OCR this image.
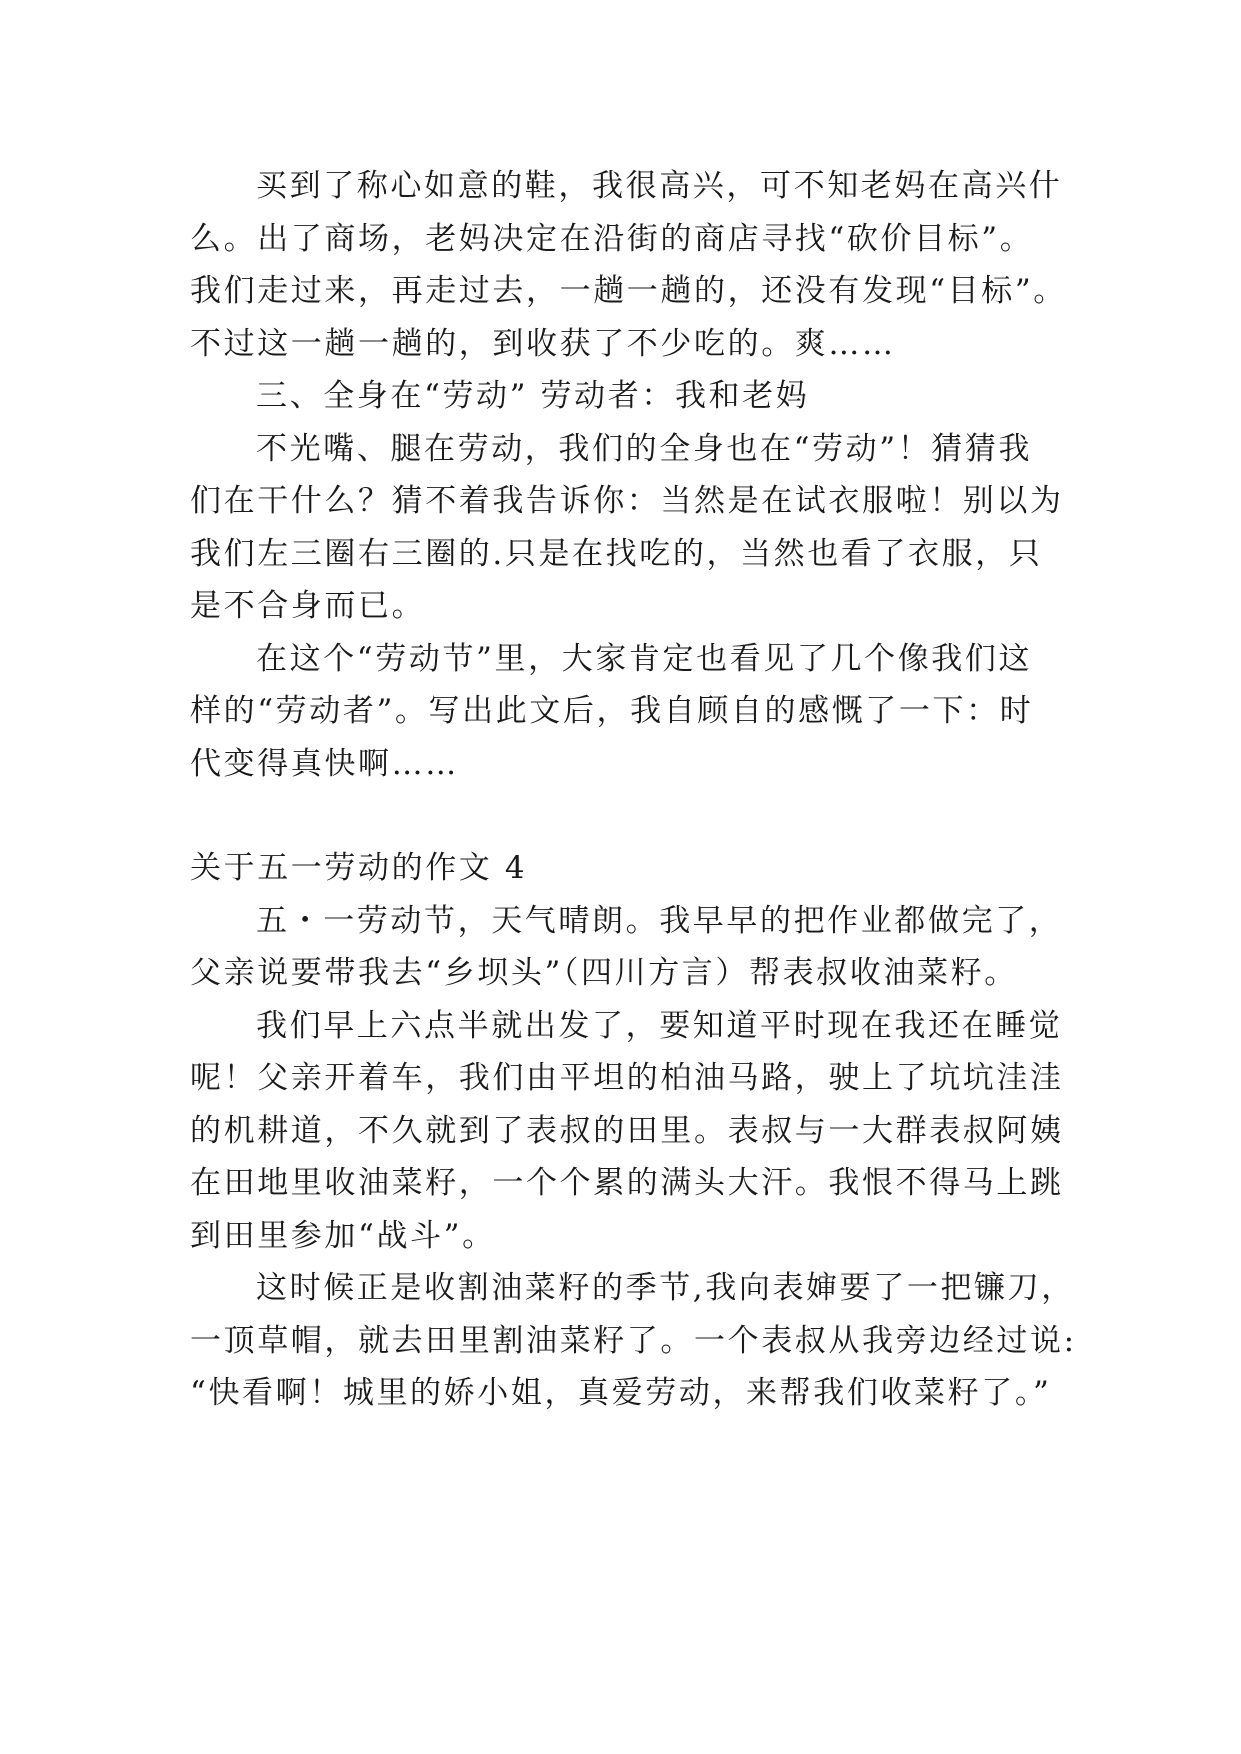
买到了称心如意的鞋，我很高兴，可不知老妈在高兴什
么。出了商场，老妈决定在沿街的商店寻找“砍价目标”。
我们走过来，再走过去，一趟一趟的，还没有发现“目标”。
不过这一趟一趟的，到收获了不少吃的。爽……
三、全身在“劳动” 劳动者：我和老妈
不光嘴、腿在劳动，我们的全身也在“劳动”！猜猜我
们在干什么？猜不着我告诉你：当然是在试衣服啦！别以为
我们左三圈右三圈的.只是在找吃的，当然也看了衣服，只
是不合身而已。
在这个“劳动节”里，大家肯定也看见了几个像我们这
样的“劳动者”。写出此文后，我自顾自的感慨了一下：时
代变得真快啊……
关于五一劳动的作文 4
五・一劳动节，天气晴朗。我早早的把作业都做完了，
父亲说要带我去“乡坝头”（四川方言）帮表叔收油菜籽。
我们早上六点半就出发了，要知道平时现在我还在睡觉
呢！父亲开着车，我们由平坦的柏油马路，驶上了坑坑洼洼
的机耕道，不久就到了表叔的田里。表叔与一大群表叔阿姨
在田地里收油菜籽，一个个累的满头大汗。我恨不得马上跳
到田里参加“战斗”。
这时候正是收割油菜籽的季节,我向表婶要了一把镰刀，
一顶草帽，就去田里割油菜籽了。一个表叔从我旁边经过说:
“快看啊！城里的娇小姐，真爱劳动，来帮我们收菜籽了。”
